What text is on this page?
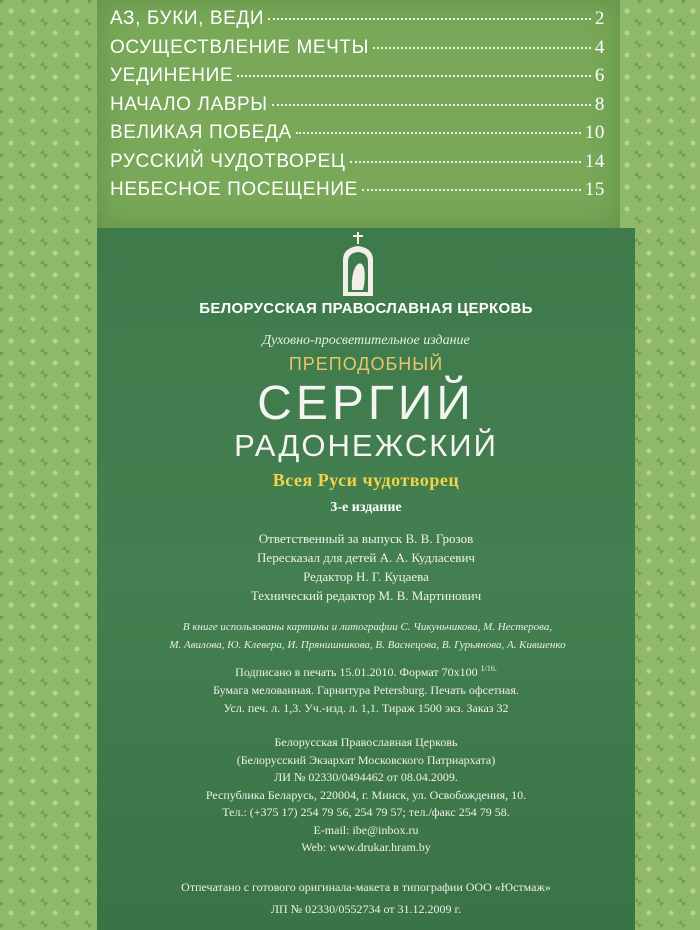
АЗ, БУКИ, ВЕДИ	2
ОСУЩЕСТВЛЕНИЕ МЕЧТЫ	4
УЕДИНЕНИЕ	6
НАЧАЛО ЛАВРЫ	8
ВЕЛИКАЯ ПОБЕДА	10
РУССКИЙ ЧУДОТВОРЕЦ	14
НЕБЕСНОЕ ПОСЕЩЕНИЕ	15
БЕЛОРУССКАЯ ПРАВОСЛАВНАЯ ЦЕРКОВЬ
Духовно-просветительное издание
ПРЕПОДОБНЫЙ
СЕРГИЙ
РАДОНЕЖСКИЙ
Всея Руси чудотворец
3-е издание
Ответственный за выпуск В. В. Грозов
Пересказал для детей А. А. Кудласевич
Редактор Н. Г. Куцаева
Технический редактор М. В. Мартинович
В книге использованы картины и литографии С. Чикуньчикова, М. Нестерова,
М. Авилова, Ю. Клевера, И. Прянишникова, В. Васнецова, В. Гурьянова, А. Кившенко
Подписано в печать 15.01.2010. Формат 70x100 $^{1/16.}$
Бумага мелованная. Гарнитура Petersburg. Печать офсетная.
Усл. печ. л. 1,3. Уч.-изд. л. 1,1. Тираж 1500 экз. Заказ 32
Белорусская Православная Церковь
(Белорусский Экзархат Московского Патриархата)
ЛИ № 02330/0494462 от 08.04.2009.
Республика Беларусь, 220004, г. Минск, ул. Освобождения, 10.
Тел.: (+375 17) 254 79 56, 254 79 57; тел./факс 254 79 58.
E-mail: ibe@inbox.ru
Web: www.drukar.hram.by
Отпечатано с готового оригинала-макета в типографии ООО «Юстмаж»
ЛП № 02330/0552734 от 31.12.2009 г.
